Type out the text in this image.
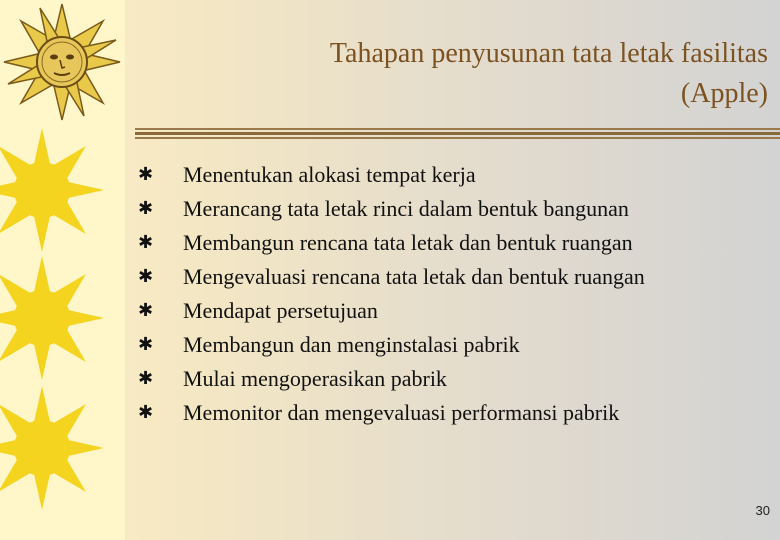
Tahapan penyusunan tata letak fasilitas
(Apple)
✱ Menentukan alokasi tempat kerja
✱ Merancang tata letak rinci dalam bentuk bangunan
✱ Membangun rencana tata letak dan bentuk ruangan
✱ Mengevaluasi rencana tata letak dan bentuk ruangan
✱ Mendapat persetujuan
✱ Membangun dan menginstalasi pabrik
✱ Mulai mengoperasikan pabrik
✱ Memonitor dan mengevaluasi performansi pabrik
30
